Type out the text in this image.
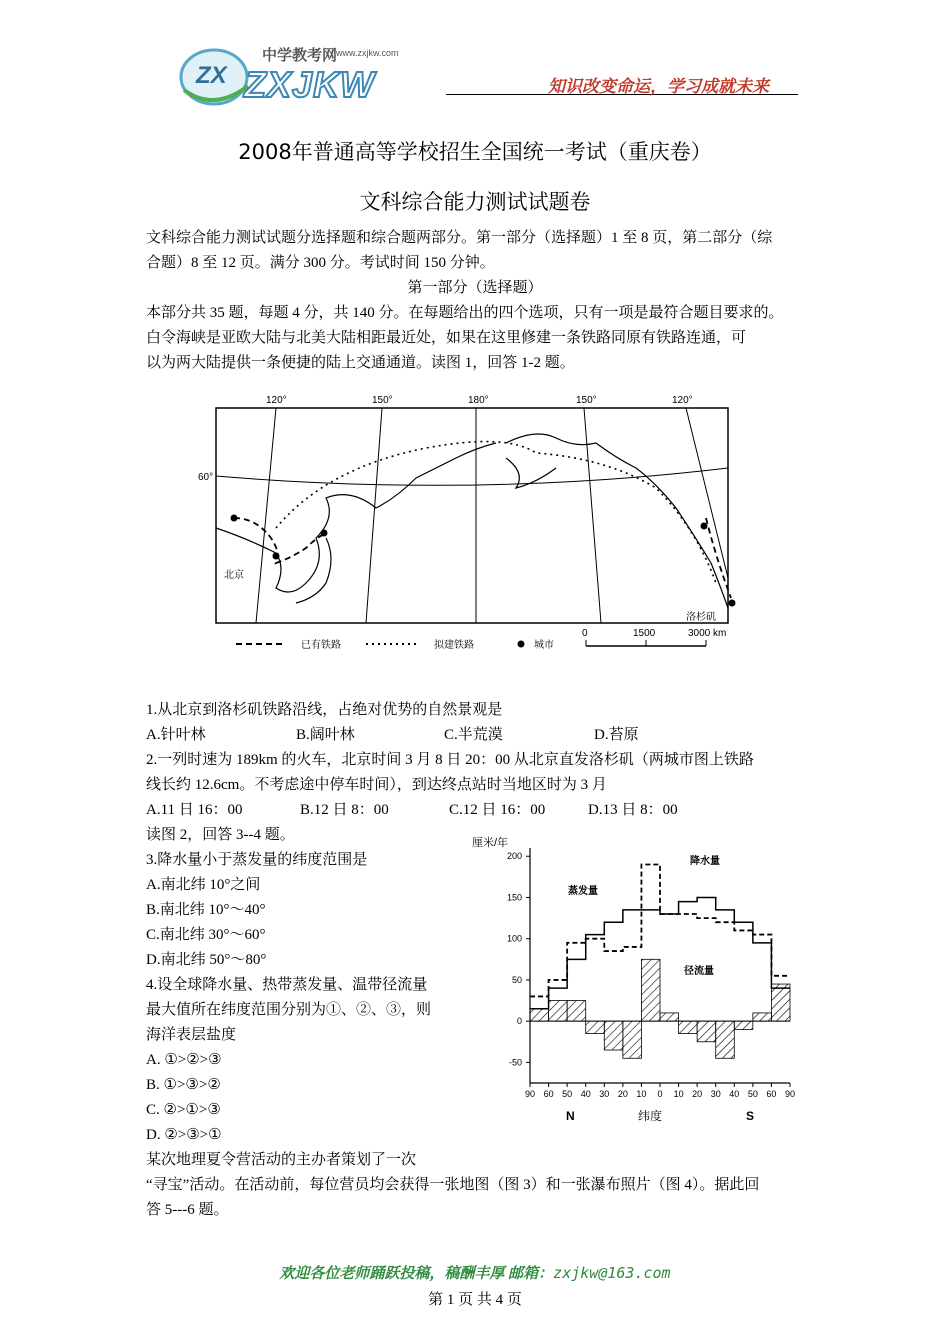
ZX
中学教考网
www.zxjkw.com
ZXJKW	知识改变命运，学习成就未来
2008年普通高等学校招生全国统一考试（重庆卷）
文科综合能力测试试题卷
文科综合能力测试试题分选择题和综合题两部分。第一部分（选择题）1 至 8 页，第二部分（综
合题）8 至 12 页。满分 300 分。考试时间 150 分钟。
第一部分（选择题）
本部分共 35 题，每题 4 分，共 140 分。在每题给出的四个选项，只有一项是最符合题目要求的。
白令海峡是亚欧大陆与北美大陆相距最近处，如果在这里修建一条铁路同原有铁路连通，可
以为两大陆提供一条便捷的陆上交通通道。读图 1，回答 1-2 题。
120°	150°	180°	150°	120°
60°
北京
洛杉矶
已有铁路	拟建铁路	城市
0	1500	3000 km
1.从北京到洛杉矶铁路沿线，占绝对优势的自然景观是
A.针叶林	B.阔叶林	C.半荒漠	D.苔原
2.一列时速为 189km 的火车，北京时间 3 月 8 日 20：00 从北京直发洛杉矶（两城市图上铁路
线长约 12.6cm。不考虑途中停车时间），到达终点站时当地区时为 3 月
A.11 日 16：00	B.12 日 8：00	C.12 日 16：00	D.13 日 8：00
读图 2，回答 3--4 题。
3.降水量小于蒸发量的纬度范围是
A.南北纬 10°之间
B.南北纬 10°～40°
C.南北纬 30°～60°
D.南北纬 50°～80°
4.设全球降水量、热带蒸发量、温带径流量
最大值所在纬度范围分别为①、②、③，则
海洋表层盐度
A. ①>②>③
B. ①>③>②
C. ②>①>③
D. ②>③>①
200
150
100
50
0
-50
90 60 50 40 30 20 10 0 10 20 30 40 50 60 90
厘米/年
纬度
N	S
降水量
蒸发量
径流量
某次地理夏令营活动的主办者策划了一次
“寻宝”活动。在活动前，每位营员均会获得一张地图（图 3）和一张瀑布照片（图 4）。据此回
答 5---6 题。
欢迎各位老师踊跃投稿，稿酬丰厚 邮箱：zxjkw@163.com
第 1 页 共 4 页
